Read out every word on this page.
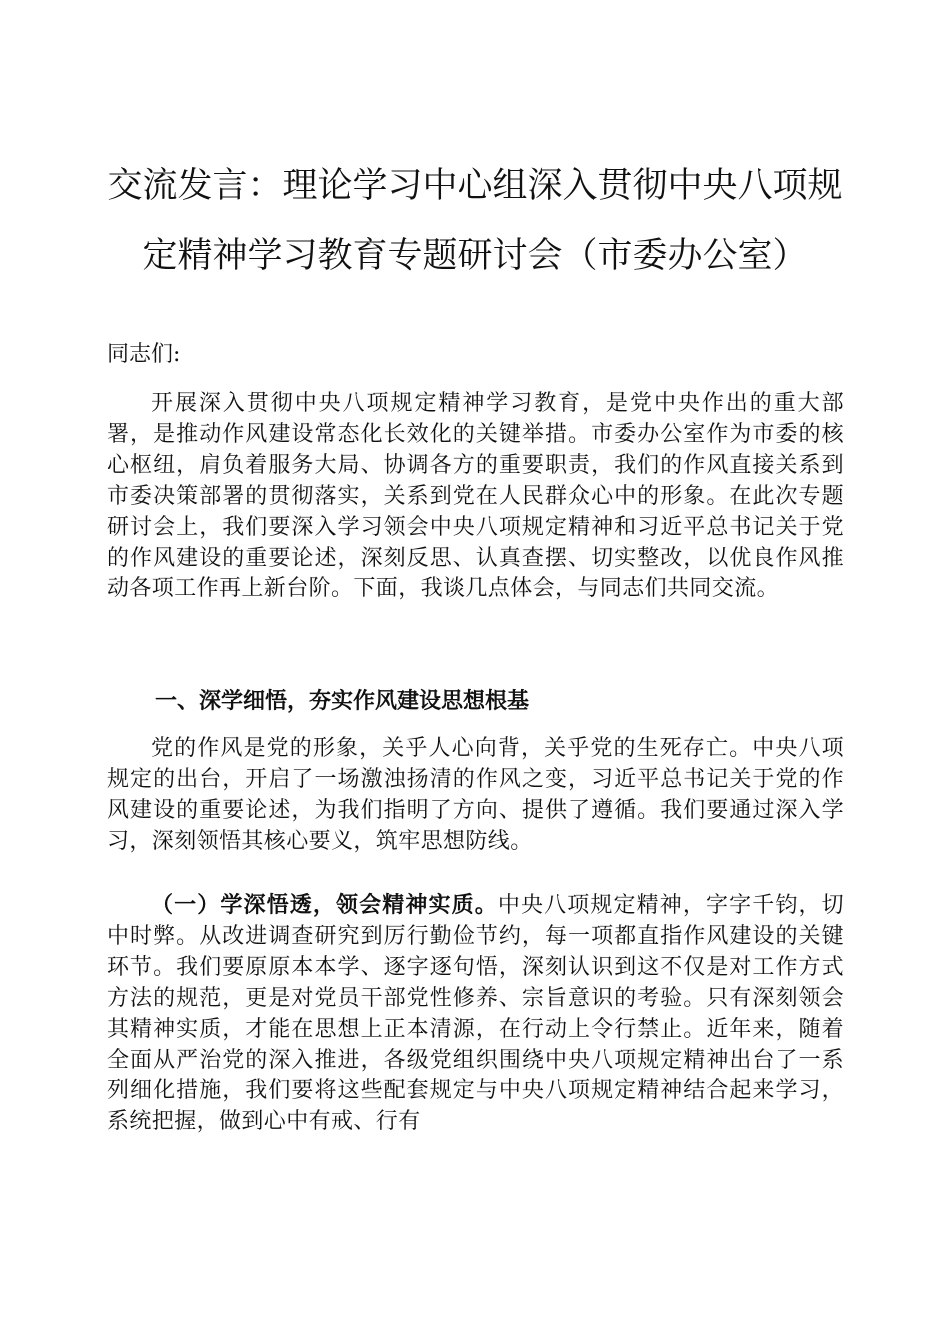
交流发言：理论学习中心组深入贯彻中央八项规
定精神学习教育专题研讨会（市委办公室）
同志们:

开展深入贯彻中央八项规定精神学习教育，是党中央作出的重大部署，是推动作风建设常态化长效化的关键举措。市委办公室作为市委的核心枢纽，肩负着服务大局、协调各方的重要职责，我们的作风直接关系到市委决策部署的贯彻落实，关系到党在人民群众心中的形象。在此次专题研讨会上，我们要深入学习领会中央八项规定精神和习近平总书记关于党的作风建设的重要论述，深刻反思、认真查摆、切实整改，以优良作风推动各项工作再上新台阶。下面，我谈几点体会，与同志们共同交流。

一、深学细悟，夯实作风建设思想根基

党的作风是党的形象，关乎人心向背，关乎党的生死存亡。中央八项规定的出台，开启了一场激浊扬清的作风之变，习近平总书记关于党的作风建设的重要论述，为我们指明了方向、提供了遵循。我们要通过深入学习，深刻领悟其核心要义，筑牢思想防线。

（一）学深悟透，领会精神实质。中央八项规定精神，字字千钧，切中时弊。从改进调查研究到厉行勤俭节约，每一项都直指作风建设的关键环节。我们要原原本本学、逐字逐句悟，深刻认识到这不仅是对工作方式方法的规范，更是对党员干部党性修养、宗旨意识的考验。只有深刻领会其精神实质，才能在思想上正本清源，在行动上令行禁止。近年来，随着全面从严治党的深入推进，各级党组织围绕中央八项规定精神出台了一系列细化措施，我们要将这些配套规定与中央八项规定精神结合起来学习，系统把握，做到心中有戒、行有
